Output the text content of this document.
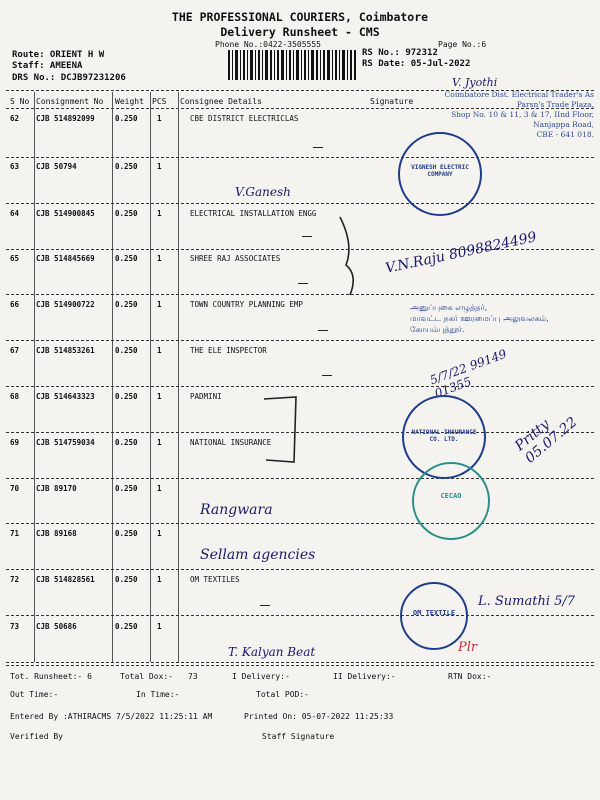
THE PROFESSIONAL COURIERS, Coimbatore
Delivery Runsheet - CMS
Phone No.:0422-3505555	Page No.:6
Route: ORIENT H W
Staff: AMEENA
DRS No.: DCJB97231206
RS No.: 972312
RS Date: 05-Jul-2022
S No Consignment No Weight PCS Consignee Details	Signature
62 CJB 514892099	0.250	1	CBE DISTRICT ELECTRICLAS
63 CJB 50794	0.250	1
64 CJB 514900845	0.250	1	ELECTRICAL INSTALLATION ENGG
65 CJB 514845669	0.250	1	SHREE RAJ ASSOCIATES
66 CJB 514900722	0.250	1	TOWN COUNTRY PLANNING EMP
67 CJB 514853261	0.250	1	THE ELE INSPECTOR
68 CJB 514643323	0.250	1	PADMINI
69 CJB 514759034	0.250	1	NATIONAL INSURANCE
70 CJB 89170	0.250	1
71 CJB 89168	0.250	1
72 CJB 514828561	0.250	1	OM TEXTILES
73 CJB 50686	0.250	1
V.Ganesh
V.N.Raju 8098824499
Rangwara
Sellam agencies
T. Kalyan Beat
L. Sumathi 5/7
Pritty 05.07.22
5/7/22 99149 01355
V. Jyothi
Plr
Coimbatore Dist. Electrical Trader's As
Parsn's Trade Plaza,
Shop No. 10 & 11, 3 & 17, IInd Floor,
Nanjappa Road,
CBE - 641 018.
VIGNESH ELECTRIC COMPANY
அனுப்புகை எழுத்தர்,
மாவட்ட நகர் ஊரமைப்பு அலுவலகம்,
கோயம்புத்தூர்.
NATIONAL INSURANCE CO. LTD.
CECAO
OM TEXTILE
Tot. Runsheet:- 6	Total Dox:- 73	I Delivery:-	II Delivery:-	RTN Dox:-
Out Time:-	In Time:-	Total POD:-
Entered By :ATHIRACMS 7/5/2022 11:25:11 AM	Printed On: 05-07-2022 11:25:33
Verified By	Staff Signature
